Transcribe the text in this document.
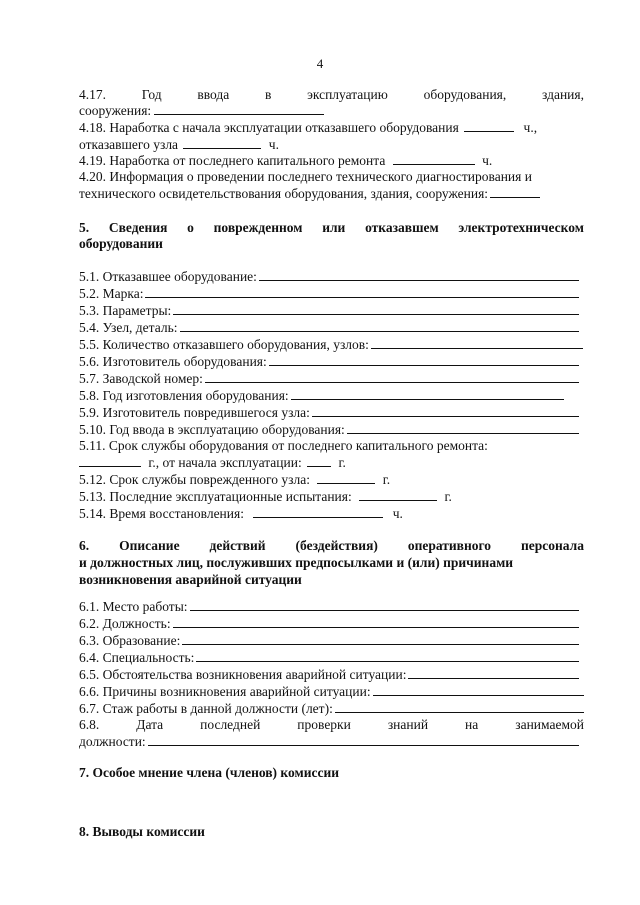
4
4.17.	Год	ввода	в	эксплуатацию	оборудования,	здания,
сооружения:
4.18. Наработка с начала эксплуатации отказавшего оборудования	ч.,
отказавшего узла	ч.
4.19. Наработка от последнего капитального ремонта	ч.
4.20. Информация о проведении последнего технического диагностирования и
технического освидетельствования оборудования, здания, сооружения:
5. Сведения о поврежденном или отказавшем электротехническом
оборудовании
5.1. Отказавшее оборудование:
5.2. Марка:
5.3. Параметры:
5.4. Узел, деталь:
5.5. Количество отказавшего оборудования, узлов:
5.6. Изготовитель оборудования:
5.7. Заводской номер:
5.8. Год изготовления оборудования:
5.9. Изготовитель повредившегося узла:
5.10. Год ввода в эксплуатацию оборудования:
5.11. Срок службы оборудования от последнего капитального ремонта:
г., от начала эксплуатации:	г.
5.12. Срок службы поврежденного узла:	г.
5.13. Последние эксплуатационные испытания:	г.
5.14. Время восстановления:	ч.
6. Описание действий (бездействия) оперативного персонала
и должностных лиц, послуживших предпосылками и (или) причинами
возникновения аварийной ситуации
6.1. Место работы:
6.2. Должность:
6.3. Образование:
6.4. Специальность:
6.5. Обстоятельства возникновения аварийной ситуации:
6.6. Причины возникновения аварийной ситуации:
6.7. Стаж работы в данной должности (лет):
6.8.	Дата	последней	проверки	знаний	на	занимаемой
должности:
7. Особое мнение члена (членов) комиссии
8. Выводы комиссии
